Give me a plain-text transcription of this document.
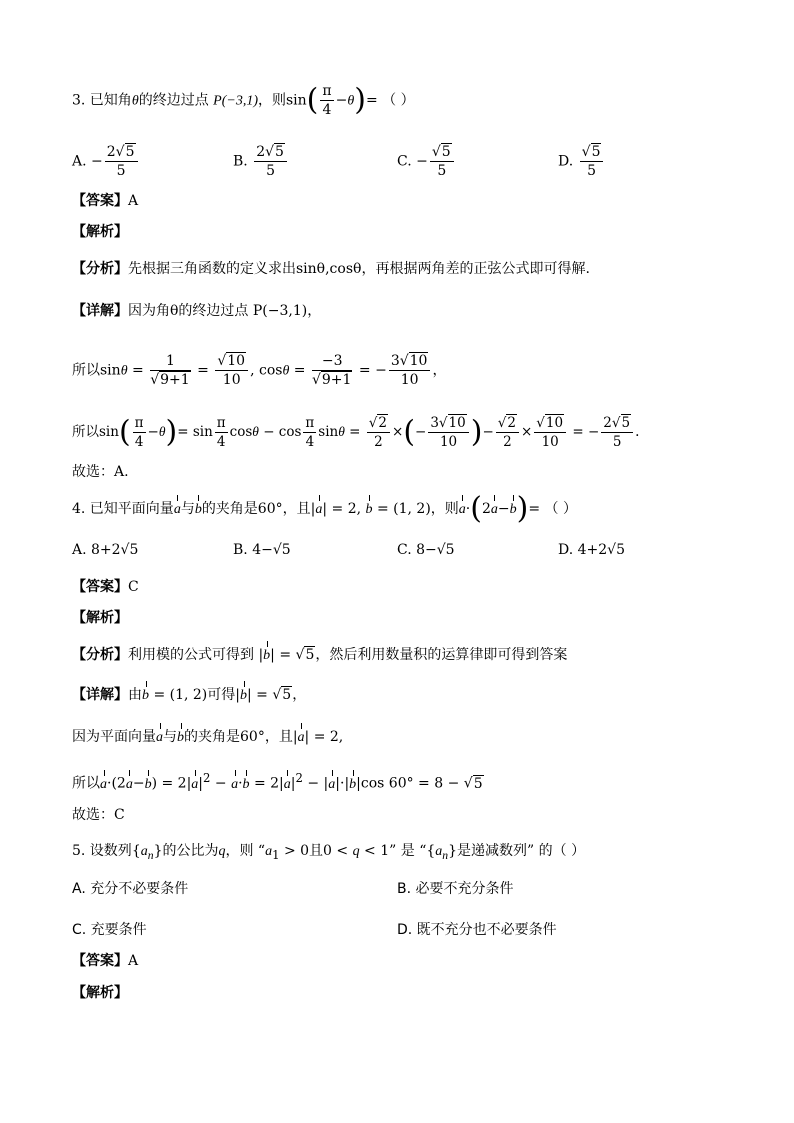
3. 已知角θ的终边过点 P(−3,1)，则$\sin( \frac{\pi}{4} -\theta)=$ （ ）
A. − $\frac{2√5}{5}$	B. $\frac{2√5}{5}$	C. − $\frac{√5}{5}$	D. $\frac{√5}{5}$
【答案】A
【解析】
【分析】先根据三角函数的定义求出sinθ,cosθ，再根据两角差的正弦公式即可得解.
【详解】因为角θ的终边过点 P(−3,1)，
所以$\sin\theta = \frac{1}{√9+1} = \frac{√10}{10}$ , $\cos\theta = \frac{-3}{√9+1}$ = − $\frac{3√10}{10}$ ，
所以$\sin( \frac{\pi}{4} -\theta)= \sin \frac{\pi}{4}$ $\cos\theta - \cos \frac{\pi}{4}$ $\sin\theta = \frac{√2}{2}$ ×(− $\frac{3√10}{10}$ )− $\frac{√2}{2} \times \frac{√10}{10}$ = − $\frac{2√5}{5}$ .
故选：A.
4. 已知平面向量a与b的夹角是60°，且|a| = 2, b = (1, 2)，则a·(2a−b)= （ ）
A. 8+2√5	B. 4−√5	C. 8−√5	D. 4+2√5
【答案】C
【解析】
【分析】利用模的公式可得到 |b| = √5，然后利用数量积的运算律即可得到答案
【详解】由b = (1, 2)可得|b| = √5，
因为平面向量a与b的夹角是60°，且|a| = 2,
所以$a\cdot(2a-b) = 2|a|^2 - a\cdot b = 2|a|^2 - |a|\cdot|b|\cos$ 60° = 8 − √5
故选：C
5. 设数列$\{a_n\}$的公比为q，则 “$a_1 > 0$且0 < q < 1” 是 “$\{a_n\}$是递减数列” 的（ ）
A. 充分不必要条件	B. 必要不充分条件
C. 充要条件	D. 既不充分也不必要条件
【答案】A
【解析】
